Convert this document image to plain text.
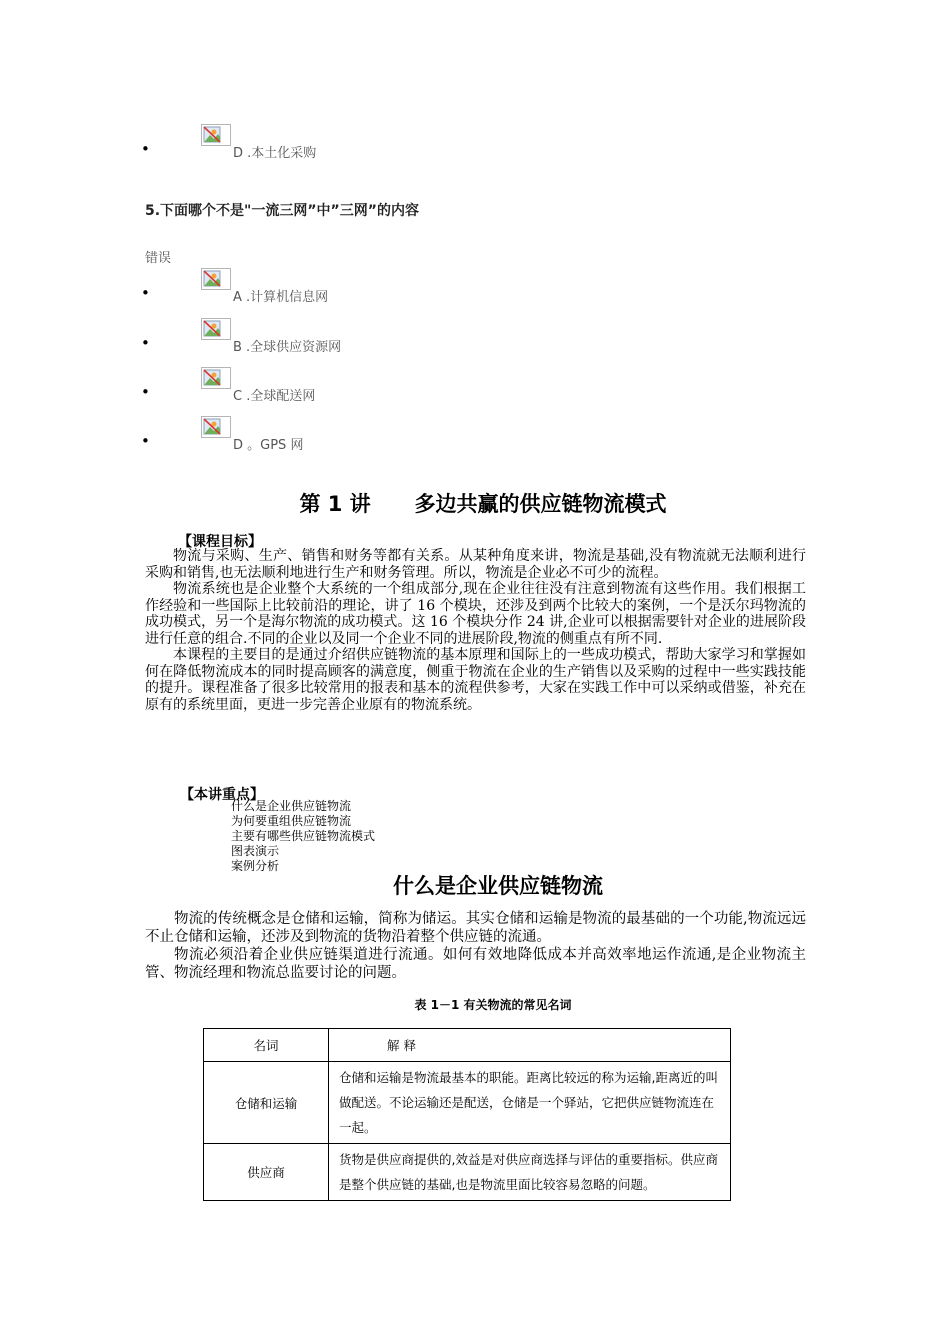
•	D .本土化采购
5.下面哪个不是"一流三网”中”三网”的内容
错误
•	A .计算机信息网
•	B .全球供应资源网
•	C .全球配送网
•	D 。GPS 网
第 1 讲      多边共赢的供应链物流模式
【课程目标】

物流与采购、生产、销售和财务等都有关系。从某种角度来讲，物流是基础,没有物流就无法顺利进行采购和销售,也无法顺利地进行生产和财务管理。所以，物流是企业必不可少的流程。

物流系统也是企业整个大系统的一个组成部分,现在企业往往没有注意到物流有这些作用。我们根据工作经验和一些国际上比较前沿的理论，讲了 16 个模块，还涉及到两个比较大的案例，一个是沃尔玛物流的成功模式，另一个是海尔物流的成功模式。这 16 个模块分作 24 讲,企业可以根据需要针对企业的进展阶段进行任意的组合.不同的企业以及同一个企业不同的进展阶段,物流的侧重点有所不同.

本课程的主要目的是通过介绍供应链物流的基本原理和国际上的一些成功模式，帮助大家学习和掌握如何在降低物流成本的同时提高顾客的满意度，侧重于物流在企业的生产销售以及采购的过程中一些实践技能的提升。课程准备了很多比较常用的报表和基本的流程供参考，大家在实践工作中可以采纳或借鉴，补充在原有的系统里面，更进一步完善企业原有的物流系统。

【本讲重点】
什么是企业供应链物流
为何要重组供应链物流
主要有哪些供应链物流模式
图表演示
案例分析
什么是企业供应链物流

物流的传统概念是仓储和运输，简称为储运。其实仓储和运输是物流的最基础的一个功能,物流远远不止仓储和运输，还涉及到物流的货物沿着整个供应链的流通。

物流必须沿着企业供应链渠道进行流通。如何有效地降低成本并高效率地运作流通,是企业物流主管、物流经理和物流总监要讨论的问题。

表 1－1 有关物流的常见名词
名词	解 释
仓储和运输	仓储和运输是物流最基本的职能。距离比较远的称为运输,距离近的叫做配送。不论运输还是配送，仓储是一个驿站，它把供应链物流连在一起。
供应商	货物是供应商提供的,效益是对供应商选择与评估的重要指标。供应商是整个供应链的基础,也是物流里面比较容易忽略的问题。
